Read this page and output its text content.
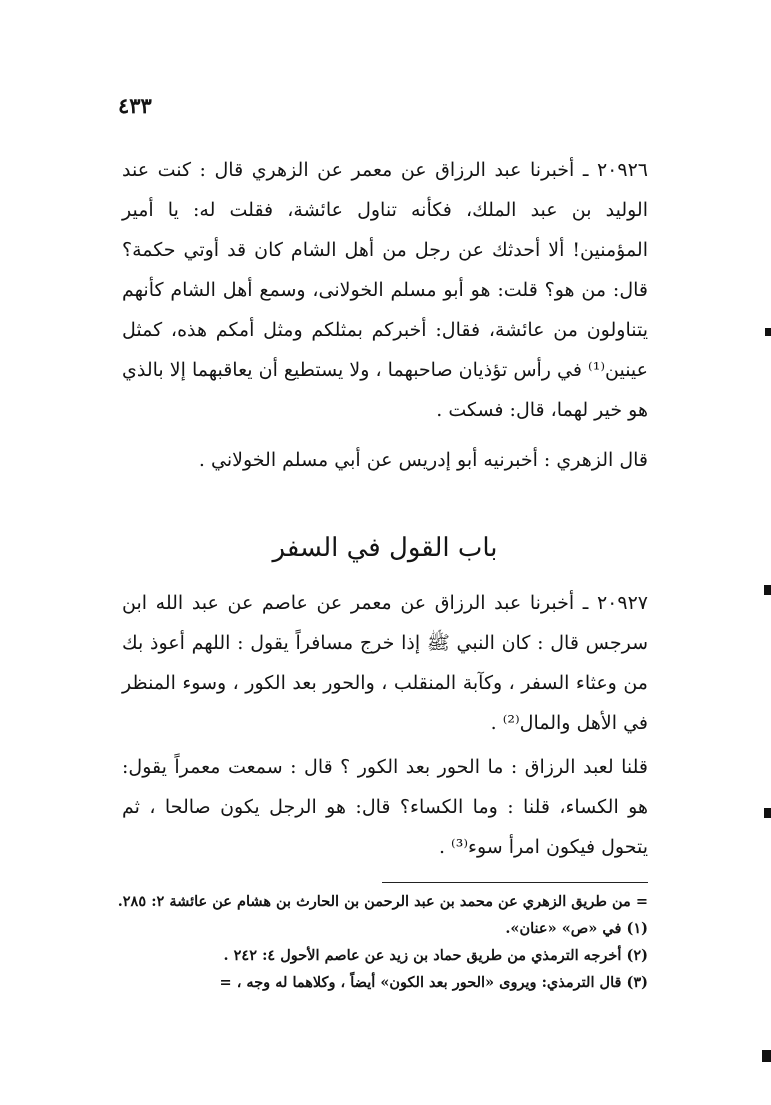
٤٣٣

٢٠٩٢٦ ـ أخبرنا عبد الرزاق عن معمر عن الزهري قال : كنت عند الوليد بن عبد الملك، فكأنه تناول عائشة، فقلت له: يا أمير المؤمنين! ألا أحدثك عن رجل من أهل الشام كان قد أوتي حكمة؟ قال: من هو؟ قلت: هو أبو مسلم الخولانى، وسمع أهل الشام كأنهم يتناولون من عائشة، فقال: أخبركم بمثلكم ومثل أمكم هذه، كمثل عينين⁽¹⁾ في رأس تؤذيان صاحبهما ، ولا يستطيع أن يعاقبهما إلا بالذي هو خير لهما، قال: فسكت .

قال الزهري : أخبرنيه أبو إدريس عن أبي مسلم الخولاني .

باب القول في السفر

٢٠٩٢٧ ـ أخبرنا عبد الرزاق عن معمر عن عاصم عن عبد الله ابن سرجس قال : كان النبي ﷺ إذا خرج مسافراً يقول : اللهم أعوذ بك من وعثاء السفر ، وكآبة المنقلب ، والحور بعد الكور ، وسوء المنظر في الأهل والمال⁽²⁾ .

قلنا لعبد الرزاق : ما الحور بعد الكور ؟ قال : سمعت معمراً يقول: هو الكساء، قلنا : وما الكساء؟ قال: هو الرجل يكون صالحا ، ثم يتحول فيكون امرأ سوء⁽³⁾ .

= من طريق الزهري عن محمد بن عبد الرحمن بن الحارث بن هشام عن عائشة ٢: ٢٨٥.
(١) في «ص» «عنان».
(٢) أخرجه الترمذي من طريق حماد بن زيد عن عاصم الأحول ٤: ٢٤٢ .
(٣) قال الترمذي: ويروى «الحور بعد الكون» أيضاً ، وكلاهما له وجه ، =
